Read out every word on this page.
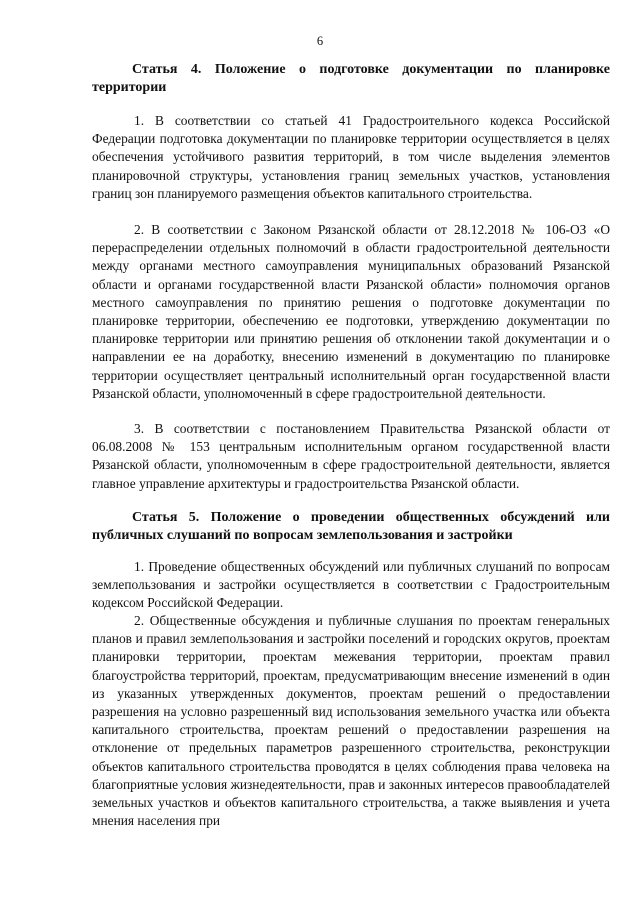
6
Статья 4. Положение о подготовке документации по планировке территории
1. В соответствии со статьей 41 Градостроительного кодекса Российской Федерации подготовка документации по планировке территории осуществляется в целях обеспечения устойчивого развития территорий, в том числе выделения элементов планировочной структуры, установления границ земельных участков, установления границ зон планируемого размещения объектов капитального строительства.
2. В соответствии с Законом Рязанской области от 28.12.2018 № 106-ОЗ «О перераспределении отдельных полномочий в области градостроительной деятельности между органами местного самоуправления муниципальных образований Рязанской области и органами государственной власти Рязанской области» полномочия органов местного самоуправления по принятию решения о подготовке документации по планировке территории, обеспечению ее подготовки, утверждению документации по планировке территории или принятию решения об отклонении такой документации и о направлении ее на доработку, внесению изменений в документацию по планировке территории осуществляет центральный исполнительный орган государственной власти Рязанской области, уполномоченный в сфере градостроительной деятельности.
3. В соответствии с постановлением Правительства Рязанской области от 06.08.2008 № 153 центральным исполнительным органом государственной власти Рязанской области, уполномоченным в сфере градостроительной деятельности, является главное управление архитектуры и градостроительства Рязанской области.
Статья 5. Положение о проведении общественных обсуждений или публичных слушаний по вопросам землепользования и застройки
1. Проведение общественных обсуждений или публичных слушаний по вопросам землепользования и застройки осуществляется в соответствии с Градостроительным кодексом Российской Федерации.
2. Общественные обсуждения и публичные слушания по проектам генеральных планов и правил землепользования и застройки поселений и городских округов, проектам планировки территории, проектам межевания территории, проектам правил благоустройства территорий, проектам, предусматривающим внесение изменений в один из указанных утвержденных документов, проектам решений о предоставлении разрешения на условно разрешенный вид использования земельного участка или объекта капитального строительства, проектам решений о предоставлении разрешения на отклонение от предельных параметров разрешенного строительства, реконструкции объектов капитального строительства проводятся в целях соблюдения права человека на благоприятные условия жизнедеятельности, прав и законных интересов правообладателей земельных участков и объектов капитального строительства, а также выявления и учета мнения населения при
